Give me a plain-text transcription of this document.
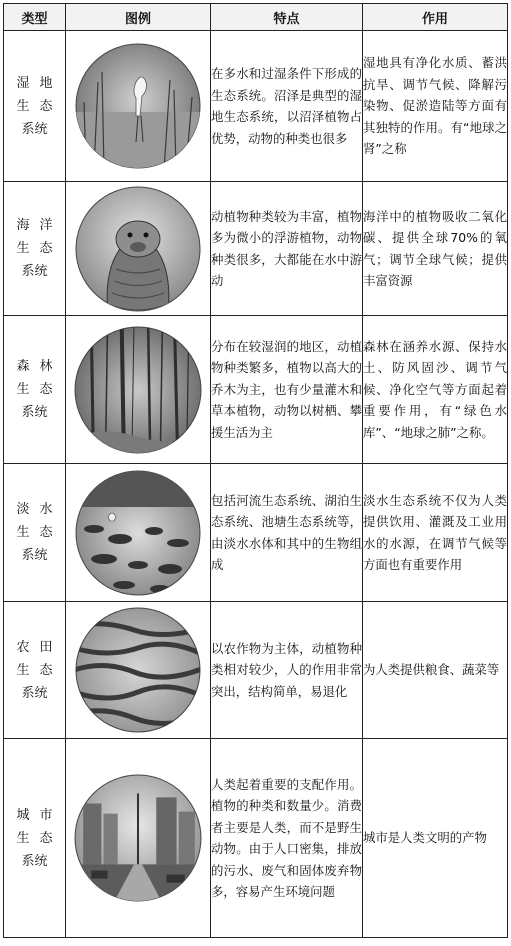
类型	图例	特点	作用

湿地
生态
系统		在多水和过湿条件下形成的生态系统。沼泽是典型的湿地生态系统，以沼泽植物占优势，动物的种类也很多	湿地具有净化水质、蓄洪抗旱、调节气候、降解污染物、促淤造陆等方面有其独特的作用。有“地球之肾”之称

海洋
生态
系统		动植物种类较为丰富，植物多为微小的浮游植物，动物种类很多，大都能在水中游动	海洋中的植物吸收二氧化碳、提供全球70%的氧气；调节全球气候；提供丰富资源

森林
生态
系统		分布在较湿润的地区，动植物种类繁多，植物以高大的乔木为主，也有少量灌木和草本植物，动物以树栖、攀援生活为主	森林在涵养水源、保持水土、防风固沙、调节气候、净化空气等方面起着重要作用，有“绿色水库”、“地球之肺”之称。

淡水
生态
系统		包括河流生态系统、湖泊生态系统、池塘生态系统等，由淡水水体和其中的生物组成	淡水生态系统不仅为人类提供饮用、灌溉及工业用水的水源，在调节气候等方面也有重要作用

农田
生态
系统		以农作物为主体，动植物种类相对较少，人的作用非常突出，结构简单，易退化	为人类提供粮食、蔬菜等

城市
生态
系统		人类起着重要的支配作用。植物的种类和数量少。消费者主要是人类，而不是野生动物。由于人口密集，排放的污水、废气和固体废弃物多，容易产生环境问题	城市是人类文明的产物
